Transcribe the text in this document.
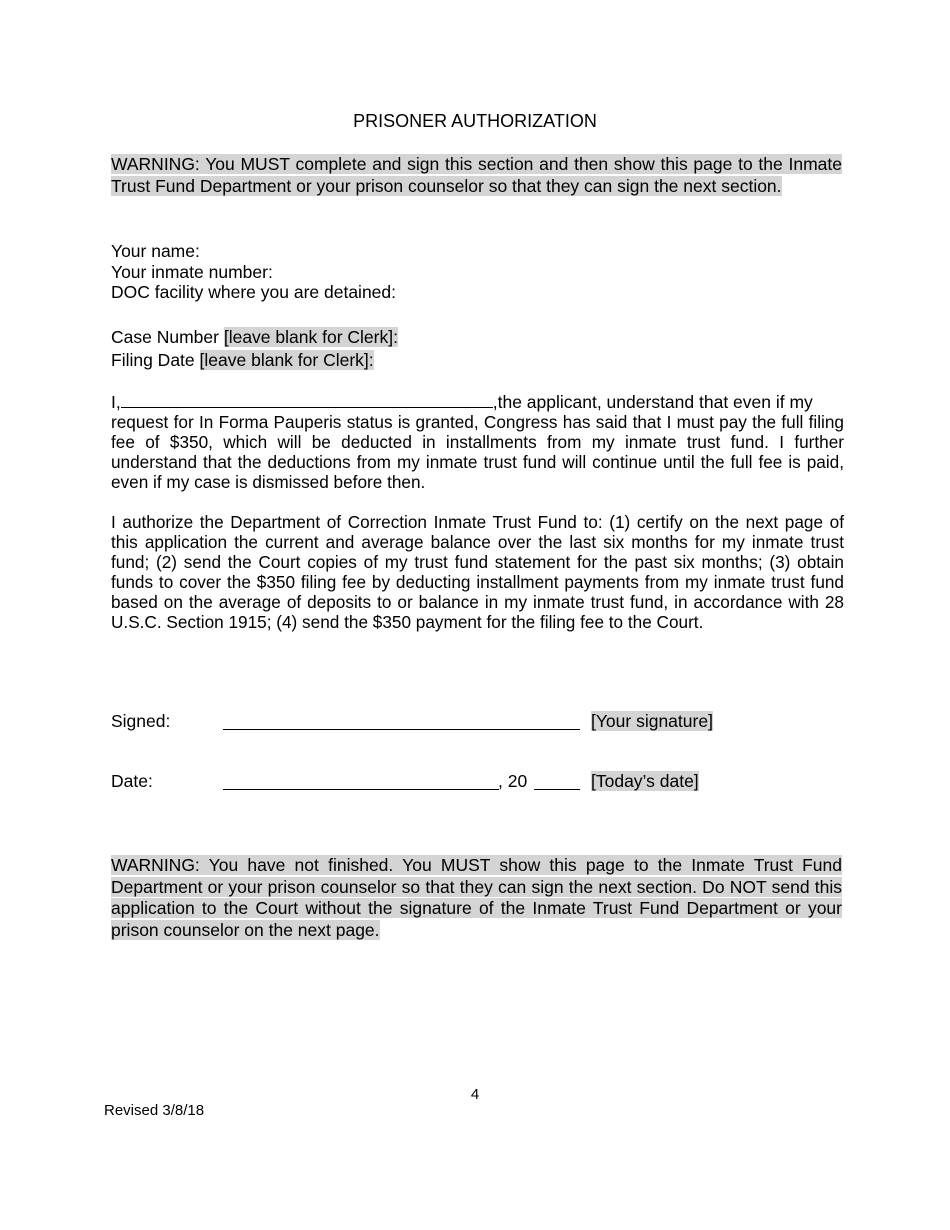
PRISONER AUTHORIZATION
WARNING: You MUST complete and sign this section and then show this page to the Inmate Trust Fund Department or your prison counselor so that they can sign the next section.
Your name:
Your inmate number:
DOC facility where you are detained:
Case Number [leave blank for Clerk]:
Filing Date [leave blank for Clerk]:
I,	,the applicant, understand that even if my
request for In Forma Pauperis status is granted, Congress has said that I must pay the full filing fee of $350, which will be deducted in installments from my inmate trust fund. I further understand that the deductions from my inmate trust fund will continue until the full fee is paid, even if my case is dismissed before then.
I authorize the Department of Correction Inmate Trust Fund to: (1) certify on the next page of this application the current and average balance over the last six months for my inmate trust fund; (2) send the Court copies of my trust fund statement for the past six months; (3) obtain funds to cover the $350 filing fee by deducting installment payments from my inmate trust fund based on the average of deposits to or balance in my inmate trust fund, in accordance with 28 U.S.C. Section 1915; (4) send the $350 payment for the filing fee to the Court.
Signed:	[Your signature]
Date:	, 20	[Today’s date]
WARNING: You have not finished. You MUST show this page to the Inmate Trust Fund Department or your prison counselor so that they can sign the next section. Do NOT send this application to the Court without the signature of the Inmate Trust Fund Department or your prison counselor on the next page.
4
Revised 3/8/18
